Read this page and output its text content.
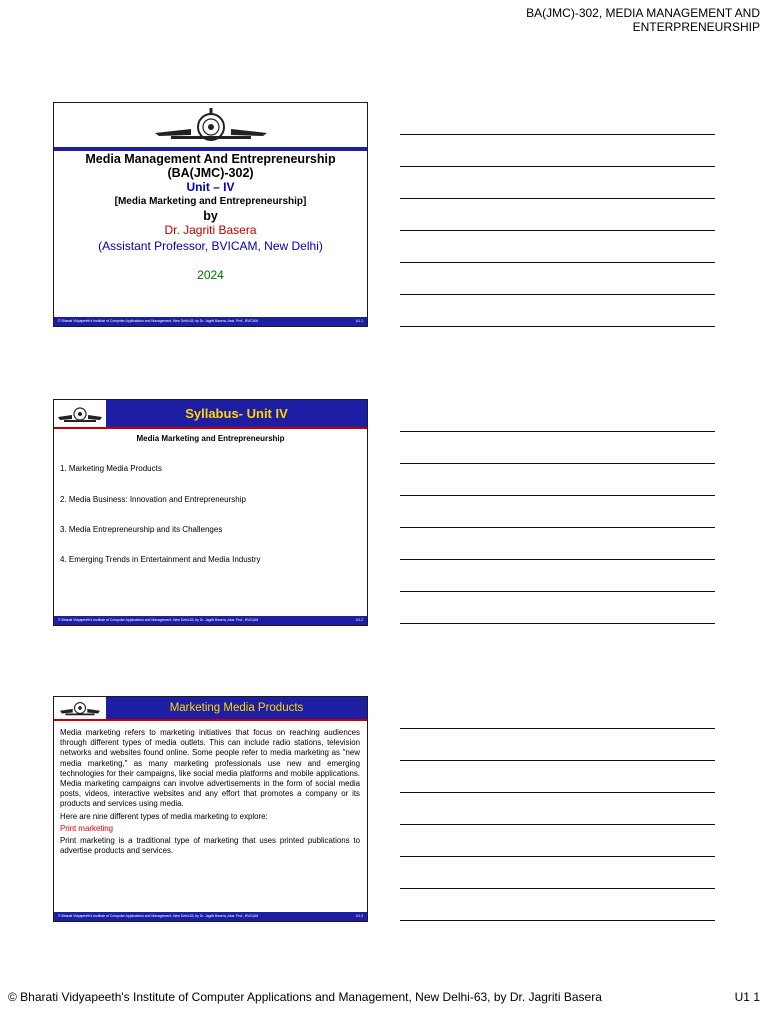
BA(JMC)-302, MEDIA MANAGEMENT AND
ENTERPRENEURSHIP
Media Management And Entrepreneurship
(BA(JMC)-302)
Unit – IV
[Media Marketing and Entrepreneurship]
by
Dr. Jagriti Basera
(Assistant Professor, BVICAM, New Delhi)
2024
© Bharati Vidyapeeth's Institute of Computer Applications and Management, New Delhi-63, by Dr. Jagriti Basera, Asst. Prof., BVICAM	U1.1
Syllabus- Unit IV
Media Marketing and Entrepreneurship
1. Marketing Media Products
2. Media Business: Innovation and Entrepreneurship
3. Media Entrepreneurship and its Challenges
4. Emerging Trends in Entertainment and Media Industry
© Bharati Vidyapeeth's Institute of Computer Applications and Management, New Delhi-63, by Dr. Jagriti Basera, Asst. Prof., BVICAM	U1.2
Marketing Media Products

Media marketing refers to marketing initiatives that focus on reaching audiences through different types of media outlets. This can include radio stations, television networks and websites found online. Some people refer to media marketing as "new media marketing," as many marketing professionals use new and emerging technologies for their campaigns, like social media platforms and mobile applications. Media marketing campaigns can involve advertisements in the form of social media posts, videos, interactive websites and any effort that promotes a company or its products and services using media.

Here are nine different types of media marketing to explore:

Print marketing

Print marketing is a traditional type of marketing that uses printed publications to advertise products and services.

© Bharati Vidyapeeth's Institute of Computer Applications and Management, New Delhi-63, by Dr. Jagriti Basera, Asst. Prof., BVICAM	U1.3
© Bharati Vidyapeeth's Institute of Computer Applications and Management, New Delhi-63, by Dr. Jagriti Basera	U1 1
